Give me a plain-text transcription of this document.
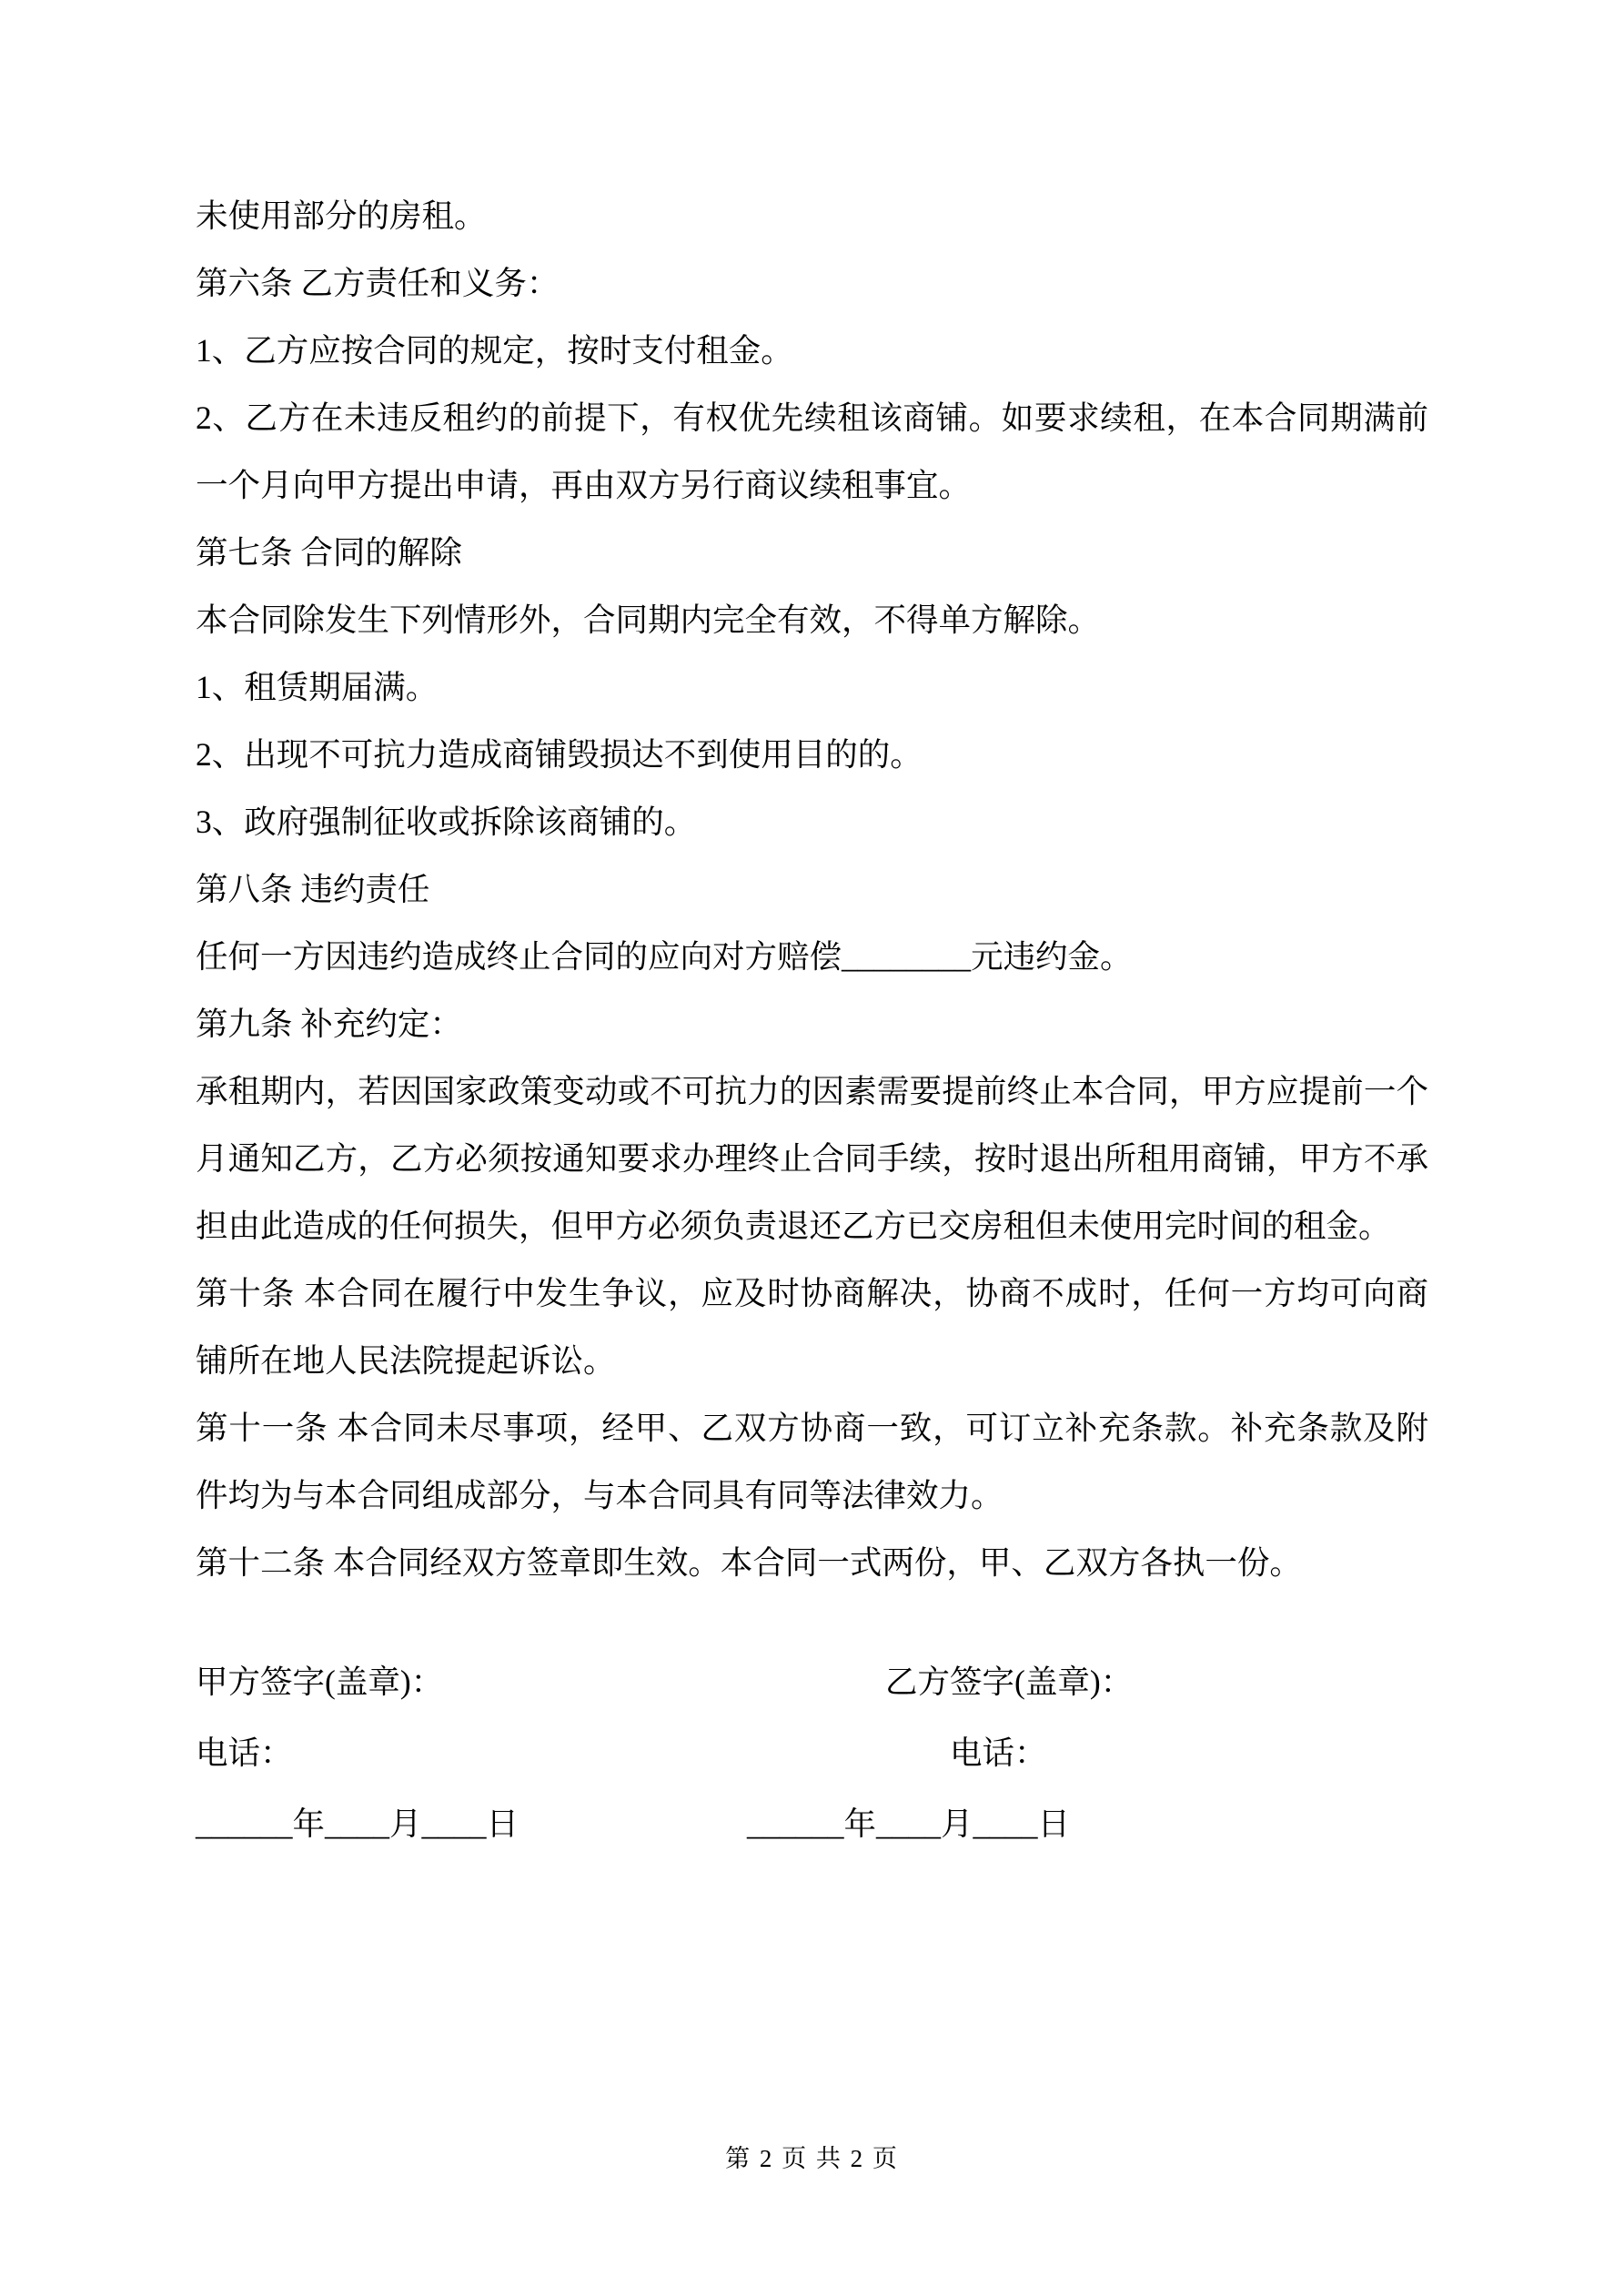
未使用部分的房租。

第六条 乙方责任和义务：

1、乙方应按合同的规定，按时支付租金。

2、乙方在未违反租约的前提下，有权优先续租该商铺。如要求续租，在本合同期满前一个月向甲方提出申请，再由双方另行商议续租事宜。

第七条 合同的解除

本合同除发生下列情形外，合同期内完全有效，不得单方解除。

1、租赁期届满。

2、出现不可抗力造成商铺毁损达不到使用目的的。

3、政府强制征收或拆除该商铺的。

第八条 违约责任

任何一方因违约造成终止合同的应向对方赔偿________元违约金。

第九条 补充约定：

承租期内，若因国家政策变动或不可抗力的因素需要提前终止本合同，甲方应提前一个月通知乙方，乙方必须按通知要求办理终止合同手续，按时退出所租用商铺，甲方不承担由此造成的任何损失，但甲方必须负责退还乙方已交房租但未使用完时间的租金。

第十条 本合同在履行中发生争议，应及时协商解决，协商不成时，任何一方均可向商铺所在地人民法院提起诉讼。

第十一条 本合同未尽事项，经甲、乙双方协商一致，可订立补充条款。补充条款及附件均为与本合同组成部分，与本合同具有同等法律效力。

第十二条 本合同经双方签章即生效。本合同一式两份，甲、乙双方各执一份。

甲方签字(盖章)：	乙方签字(盖章)：
电话：	电话：
______年____月____日	______年____月____日
第 2 页 共 2 页
